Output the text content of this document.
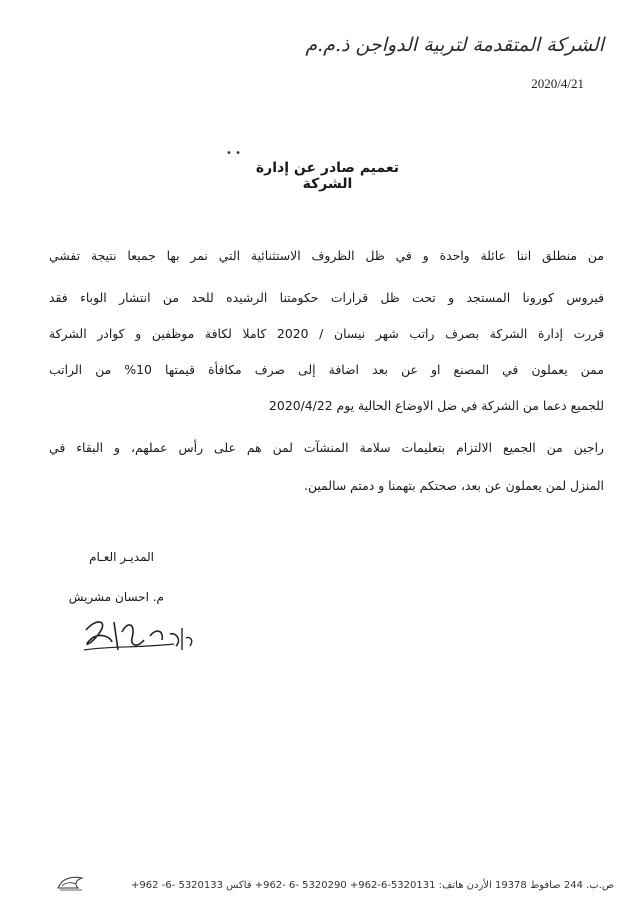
الشركة المتقدمة لتربية الدواجن ذ.م.م
2020/4/21
• •
تعميم صادر عن إدارة الشركة
من منطلق اننا عائلة واحدة و في ظل الظروف الاستثنائية التي نمر بها جميعا نتيجة تفشي
فيروس كورونا المستجد و تحت ظل قرارات حكومتنا الرشيده للحد من انتشار الوباء فقد
قررت إدارة الشركة بصرف راتب شهر نيسان / 2020 كاملا لكافة موظفين و كوادر الشركة
ممن يعملون في المصنع او عن بعد اضافة إلى صرف مكافأة قيمتها 10% من الراتب
للجميع دعما من الشركة في ضل الاوضاع الحالية يوم 2020/4/22
راجين من الجميع الالتزام بتعليمات سلامة المنشآت لمن هم على رأس عملهم، و البقاء في
المنزل لمن يعملون عن بعد، صحتكم بتهمنا و دمتم سالمين.
المديـر العـام
م. احسان مشريش
ص.ب. 244 صافوط 19378 الأردن هاتف: 5320131-6-962+ 5320290 -6 -962+ فاكس 5320133 -6- 962+
